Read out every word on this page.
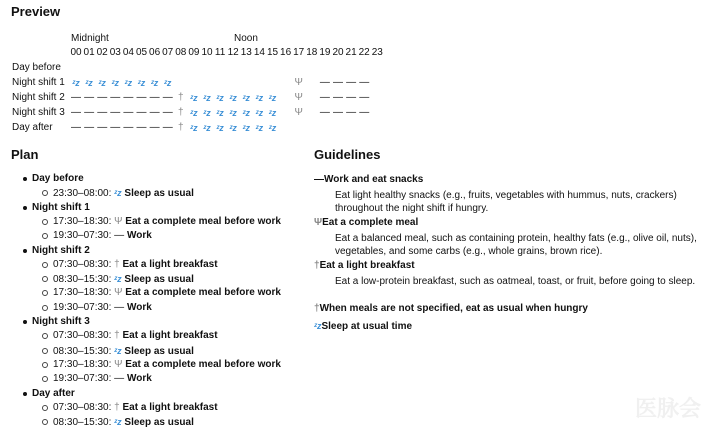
Preview
Midnight	Noon
00 01 02 03 04 05 06 07 08 09 10 11 12 13 14 15 16 17 18 19 20 21 22 23
Day before
Night shift 1 ᶻz ᶻz ᶻz ᶻz ᶻz ᶻz ᶻz ᶻz	Ψ — — — —
Night shift 2 — — — — — — — — † ᶻz ᶻz ᶻz ᶻz ᶻz ᶻz ᶻz Ψ — — — —
Night shift 3 — — — — — — — — † ᶻz ᶻz ᶻz ᶻz ᶻz ᶻz ᶻz Ψ — — — —
Day after — — — — — — — — † ᶻz ᶻz ᶻz ᶻz ᶻz ᶻz ᶻz
Plan
Day before
23:30–08:00: ᶻz Sleep as usual
Night shift 1
17:30–18:30: Ψ Eat a complete meal before work
19:30–07:30: — Work
Night shift 2
07:30–08:30: † Eat a light breakfast
08:30–15:30: ᶻz Sleep as usual
17:30–18:30: Ψ Eat a complete meal before work
19:30–07:30: — Work
Night shift 3
07:30–08:30: † Eat a light breakfast
08:30–15:30: ᶻz Sleep as usual
17:30–18:30: Ψ Eat a complete meal before work
19:30–07:30: — Work
Day after
07:30–08:30: † Eat a light breakfast
08:30–15:30: ᶻz Sleep as usual
Guidelines
—Work and eat snacks
Eat light healthy snacks (e.g., fruits, vegetables with hummus, nuts, crackers) throughout the night shift if hungry.
ΨEat a complete meal
Eat a balanced meal, such as containing protein, healthy fats (e.g., olive oil, nuts), vegetables, and some carbs (e.g., whole grains, brown rice).
†Eat a light breakfast
Eat a low-protein breakfast, such as oatmeal, toast, or fruit, before going to sleep.
†When meals are not specified, eat as usual when hungry
ᶻzSleep at usual time
医脉会
